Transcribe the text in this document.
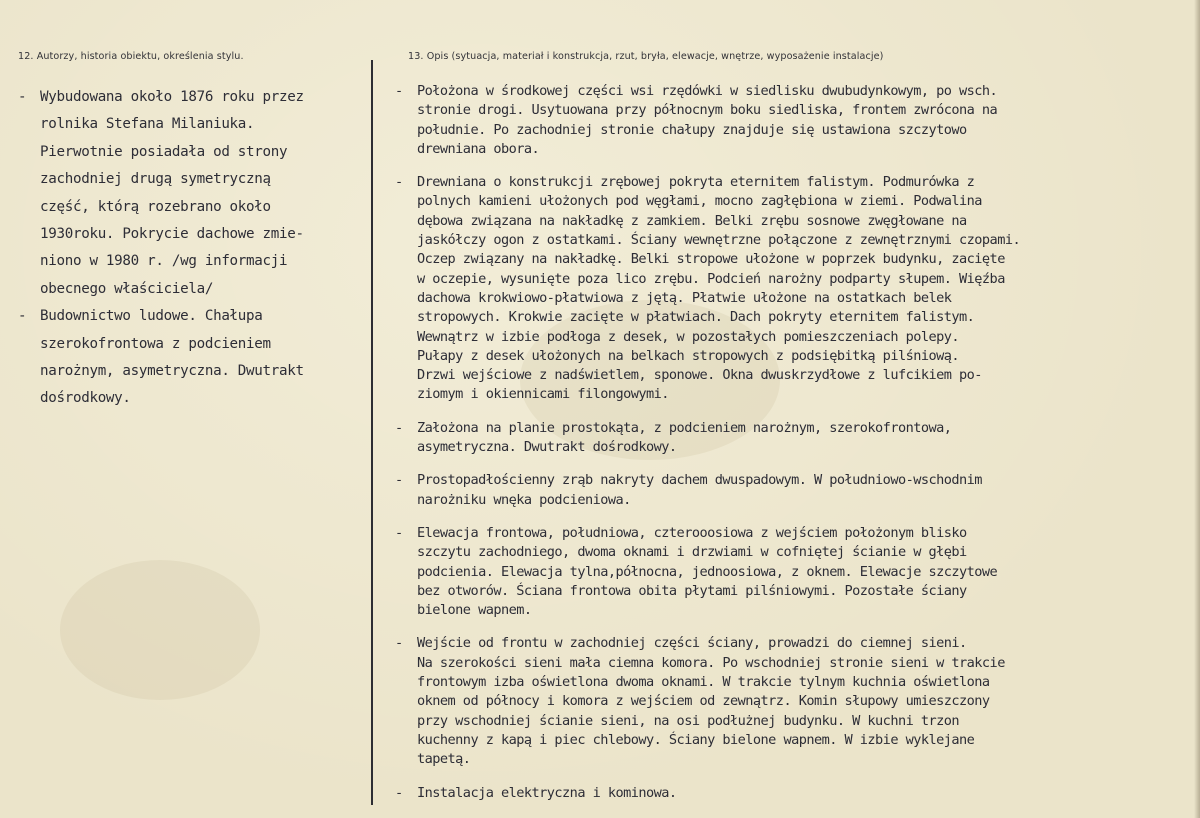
12. Autorzy, historia obiektu, określenia stylu.	13. Opis (sytuacja, materiał i konstrukcja, rzut, bryła, elewacje, wnętrze, wyposażenie instalacje)
- Wybudowana około 1876 roku przez
rolnika Stefana Milaniuka.
Pierwotnie posiadała od strony
zachodniej drugą symetryczną
część, którą rozebrano około
1930roku. Pokrycie dachowe zmie-
niono w 1980 r. /wg informacji
obecnego właściciela/
- Budownictwo ludowe. Chałupa
szerokofrontowa z podcieniem
narożnym, asymetryczna. Dwutrakt
dośrodkowy.
- Położona w środkowej części wsi rzędówki w siedlisku dwubudynkowym, po wsch.
stronie drogi. Usytuowana przy północnym boku siedliska, frontem zwrócona na
południe. Po zachodniej stronie chałupy znajduje się ustawiona szczytowo
drewniana obora.
- Drewniana o konstrukcji zrębowej pokryta eternitem falistym. Podmurówka z
polnych kamieni ułożonych pod węgłami, mocno zagłębiona w ziemi. Podwalina
dębowa związana na nakładkę z zamkiem. Belki zrębu sosnowe zwęgłowane na
jaskółczy ogon z ostatkami. Ściany wewnętrzne połączone z zewnętrznymi czopami.
Oczep związany na nakładkę. Belki stropowe ułożone w poprzek budynku, zacięte
w oczepie, wysunięte poza lico zrębu. Podcień narożny podparty słupem. Więźba
dachowa krokwiowo-płatwiowa z jętą. Płatwie ułożone na ostatkach belek
stropowych. Krokwie zacięte w płatwiach. Dach pokryty eternitem falistym.
Wewnątrz w izbie podłoga z desek, w pozostałych pomieszczeniach polepy.
Pułapy z desek ułożonych na belkach stropowych z podsiębitką pilśniową.
Drzwi wejściowe z nadświetlem, sponowe. Okna dwuskrzydłowe z lufcikiem po-
ziomym i okiennicami filongowymi.
- Założona na planie prostokąta, z podcieniem narożnym, szerokofrontowa,
asymetryczna. Dwutrakt dośrodkowy.
- Prostopadłościenny zrąb nakryty dachem dwuspadowym. W południowo-wschodnim
narożniku wnęka podcieniowa.
- Elewacja frontowa, południowa, czterooosiowa z wejściem położonym blisko
szczytu zachodniego, dwoma oknami i drzwiami w cofniętej ścianie w głębi
podcienia. Elewacja tylna,północna, jednoosiowa, z oknem. Elewacje szczytowe
bez otworów. Ściana frontowa obita płytami pilśniowymi. Pozostałe ściany
bielone wapnem.
- Wejście od frontu w zachodniej części ściany, prowadzi do ciemnej sieni.
Na szerokości sieni mała ciemna komora. Po wschodniej stronie sieni w trakcie
frontowym izba oświetlona dwoma oknami. W trakcie tylnym kuchnia oświetlona
oknem od północy i komora z wejściem od zewnątrz. Komin słupowy umieszczony
przy wschodniej ścianie sieni, na osi podłużnej budynku. W kuchni trzon
kuchenny z kapą i piec chlebowy. Ściany bielone wapnem. W izbie wyklejane
tapetą.
- Instalacja elektryczna i kominowa.
